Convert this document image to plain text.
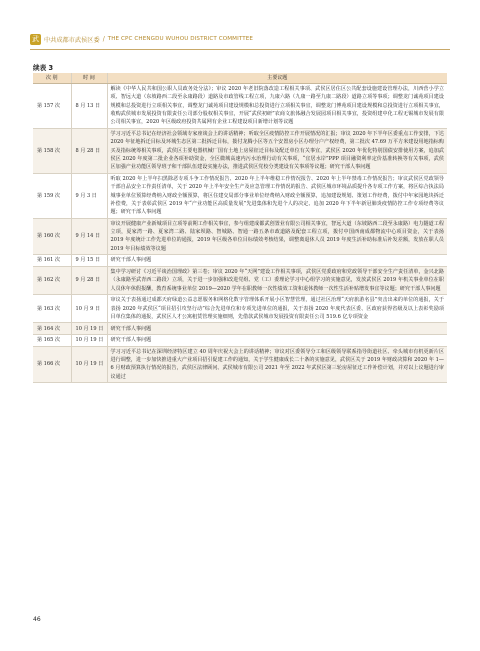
武 中共成都市武侯区委 / THE CPC CHENGDU WUHOU DISTRICT COMMITTEE
续表 3
次 别	时 间	主要议题
第 157 次	8 月 13 日	解读《中华人民共和国公职人员政务处分法》；审议 2020 年老旧院落改造工程相关事项、武侯区居住区公共配套设施建设管理办法，川西营小学立项、智远大道（东坡路西二段至永康路段）道路及市政管线工程立项，九康六路（九康一路至九康二路段）道路立项等事项；调整龙门诚苑项目建设规模和总投资进行立项相关事宜，调整龙门诚苑项目建设规模和总投资进行立项相关事宜，调整龙门博苑项目建设规模和总投资进行立项相关事宜，收购武侯城市发展投资有限责任公司部分股权相关事宜，开展“武侯初研”农商文旅体融合发展园项目相关事宜，投资组建中化工程无锡城市发展有限公司相关事宜，2020 年区级政府投资共属网有企业工程建设项目新增计划等议题
第 158 次	8 月 28 日	学习习近平总书记在经济社会领域专家座谈会上的讲话精神；听取全区疫情防控工作开展情况的汇报；审议 2020 年下半年区委重点工作安排，下达 2020 年征地拆迁目标及环城生态区第二批拆迁目标，拨付龙腾小区等五个安置房小区办理分户产权经费，第二批次 47.69 万平方米建设用地指标购买及指标统筹相关事项，武侯区主要电器机械厂国有土地上房屋征迁目标及配迁单位有关事宜，武侯区 2020 年优化特别国债安排使用方案，追加武侯区 2020 年度第二批企业各项补助资金，全区微城高速内污水治理行动有关事项，“宜居水岸”PPP 项目融资利率定价基准转换等有关事项，武侯区加强产业功能区领导班子和干部队伍建设实施办法，推进武侯区党校分类建设有关事项等议题；研究干部人事问题
第 159 次	9 月 3 日	听取 2020 年上半年扫黑除恶专项斗争工作情况报告、2020 年上半年维稳工作情况报告、2020 年上半年禁毒工作情况报告；审议武侯区党政领导干部自品安全工作责任清单，关于 2020 年上半年安全生产及应急管理工作情况的报告、武侯区城市环境品质提升各专项工作方案，将区综合执法局城事业单位预算经费纳入财政全额预算，将区住建交局部分事业单位经费纳入财政全额预算，追加建设规划、策划工作经费，拨付中年家园地块拆迁补偿费，关于表彰武侯区 2019 年“产业功能区高质量发展”先进集体和先进个人的决定、追加 2020 年下半年新冠肺炎疫情防控工作专项经费等议题；研究干部人事问题
第 160 次	9 月 14 日	审议开展健康产业新城项目立项等前期工作相关事宜，参与组建成都武创置业有限公司相关事宜，智远大道（东坡路西二段至永康路）电力隧道工程立项，夏家湾一路、夏家湾二路、陆家坝路、智城路、智通一路五条市政道路及配套工程立项，拨付中国西南成都物流中心项目资金，关于表扬 2019 年度统计工作先进单位的通报，2019 年区级各单位目标绩效考核结果，调整离退休人员 2019 年度生活补助标准后补发差额，发放在职人员 2019 年目标绩效等议题
第 161 次	9 月 15 日	研究干部人事问题
第 162 次	9 月 28 日	集中学习研讨《习近平谈治国理政》第三卷；审议 2020 年“天网”建设工作相关事项，武侯区党委政府和党政领导干部安全生产责任清单，金兴北路（永康路至武青西二路段）立项，关于进一步加强和改进党组、党（工）委理论学习中心组学习的实施意见，发放武侯区 2019 年机关事业单位在职人员休年休假报酬，教育系统事业单位 2019—2020 学年在职教师一次性绩效工资和退休教师一次性生活补贴增发事宜等议题；研究干部人事问题
第 163 次	10 月 9 日	审议关于表扬通过成都天府绿道公益志愿服务和网格化数字管理体系开展小区智慧管理，通过社区治理“天府旅游名县”突击出来的单位的通报，关于表扬 2020 年武侯区“项目招引攻坚行动”综合先进单位和专项先进单位的通报，关于表扬 2020 年度代表区委、区政府获得省级及以上表彰奖励项目单位集体的通报，武侯区人才公寓租赁管理实施细则，先借款武侯城市发展投资有限责任公司 519.6 亿专项资金
第 164 次	10 月 19 日	研究干部人事问题
第 165 次	10 月 19 日	研究干部人事问题
第 166 次	10 月 19 日	学习习近平总书记在深圳经济特区建立 40 周年庆祝大会上的讲话精神；审议对区委领导分工和区级领导联系指导街道社区、牵头城市有机更新片区进行调整，进一步加快推进重大产业项目招引促建工作的通知，关于学生健康成长二十条的实施意见，武侯区关于 2019 年财政决算和 2020 年 1—6 月财政预算执行情况的报告，武侯区法律顾问、武侯城市有限公司 2021 年至 2022 年武侯区第三轮房屋征迁工作补偿计划，并对以上议题进行审议通过
46
